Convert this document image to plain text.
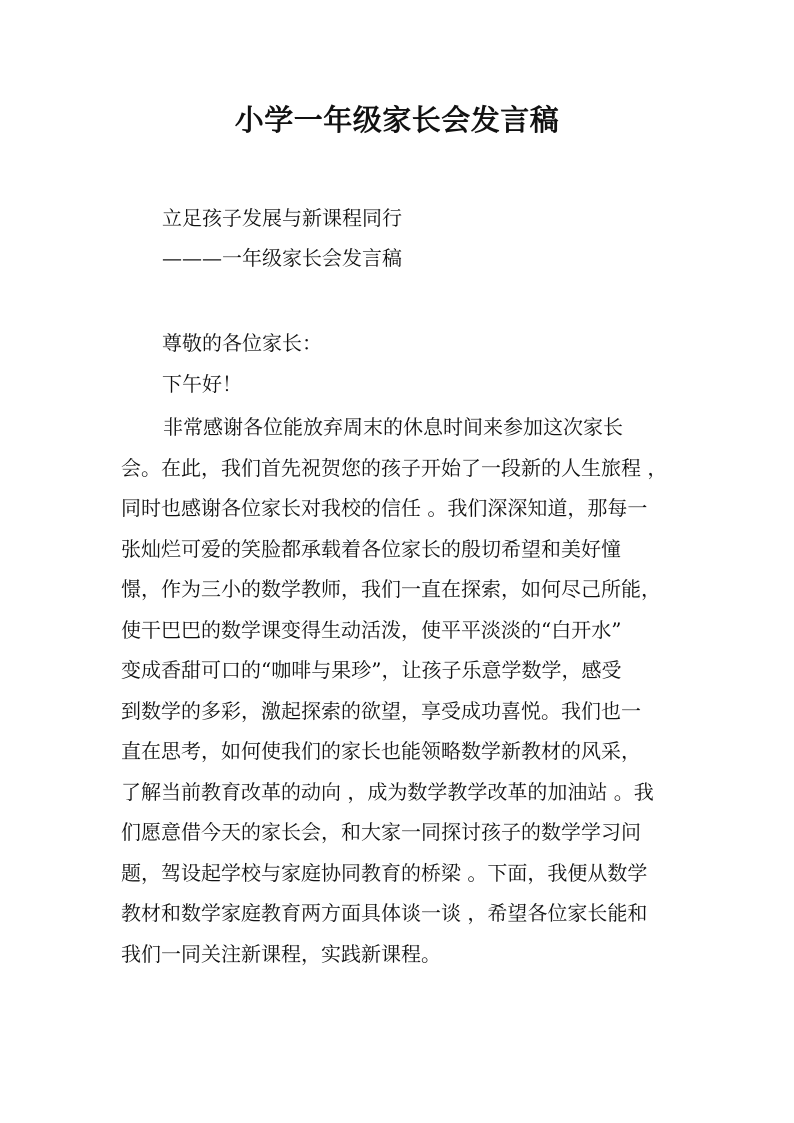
小学一年级家长会发言稿
立足孩子发展与新课程同行
———一年级家长会发言稿
尊敬的各位家长：
下午好！
非常感谢各位能放弃周末的休息时间来参加这次家长
会。在此，我们首先祝贺您的孩子开始了一段新的人生旅程 ，
同时也感谢各位家长对我校的信任 。我们深深知道，那每一
张灿烂可爱的笑脸都承载着各位家长的殷切希望和美好憧
憬，作为三小的数学教师，我们一直在探索，如何尽己所能，
使干巴巴的数学课变得生动活泼，使平平淡淡的“白开水”
变成香甜可口的“咖啡与果珍”，让孩子乐意学数学，感受
到数学的多彩，激起探索的欲望，享受成功喜悦。我们也一
直在思考，如何使我们的家长也能领略数学新教材的风采，
了解当前教育改革的动向 ，成为数学教学改革的加油站 。我
们愿意借今天的家长会，和大家一同探讨孩子的数学学习问
题，驾设起学校与家庭协同教育的桥梁 。下面，我便从数学
教材和数学家庭教育两方面具体谈一谈 ，希望各位家长能和
我们一同关注新课程，实践新课程。
